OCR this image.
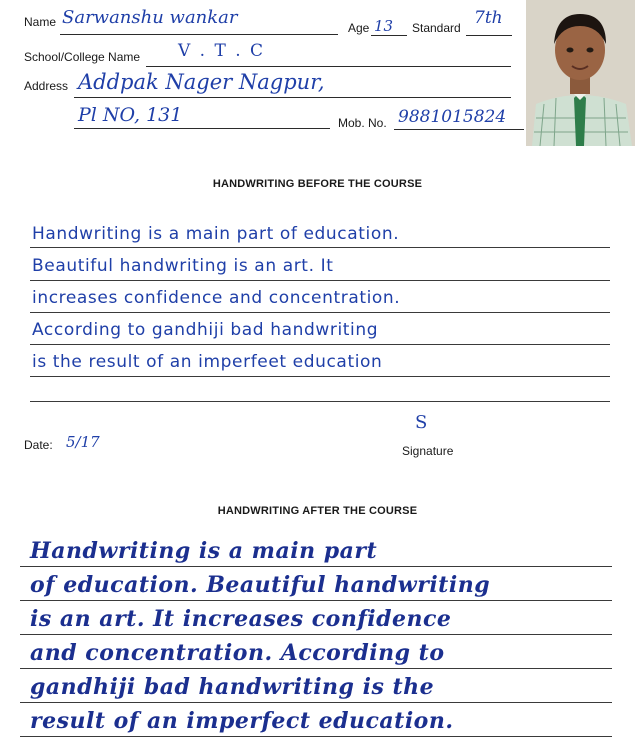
Name Sarwanshu wankar	Age 13 Standard 7th
School/College Name V . T . C
Address Addpak Nager Nagpur,
Pl NO, 131	Mob. No. 9881015824
HANDWRITING BEFORE THE COURSE
Handwriting is a main part of education.
Beautiful handwriting is an art. It
increases confidence and concentration.
According to gandhiji bad handwriting
is the result of an imperfeet education
Date: 5/17
S
Signature
HANDWRITING AFTER THE COURSE
Handwriting is a main part
of education. Beautiful handwriting
is an art. It increases confidence
and concentration. According to
gandhiji bad handwriting is the
result of an imperfect education.
